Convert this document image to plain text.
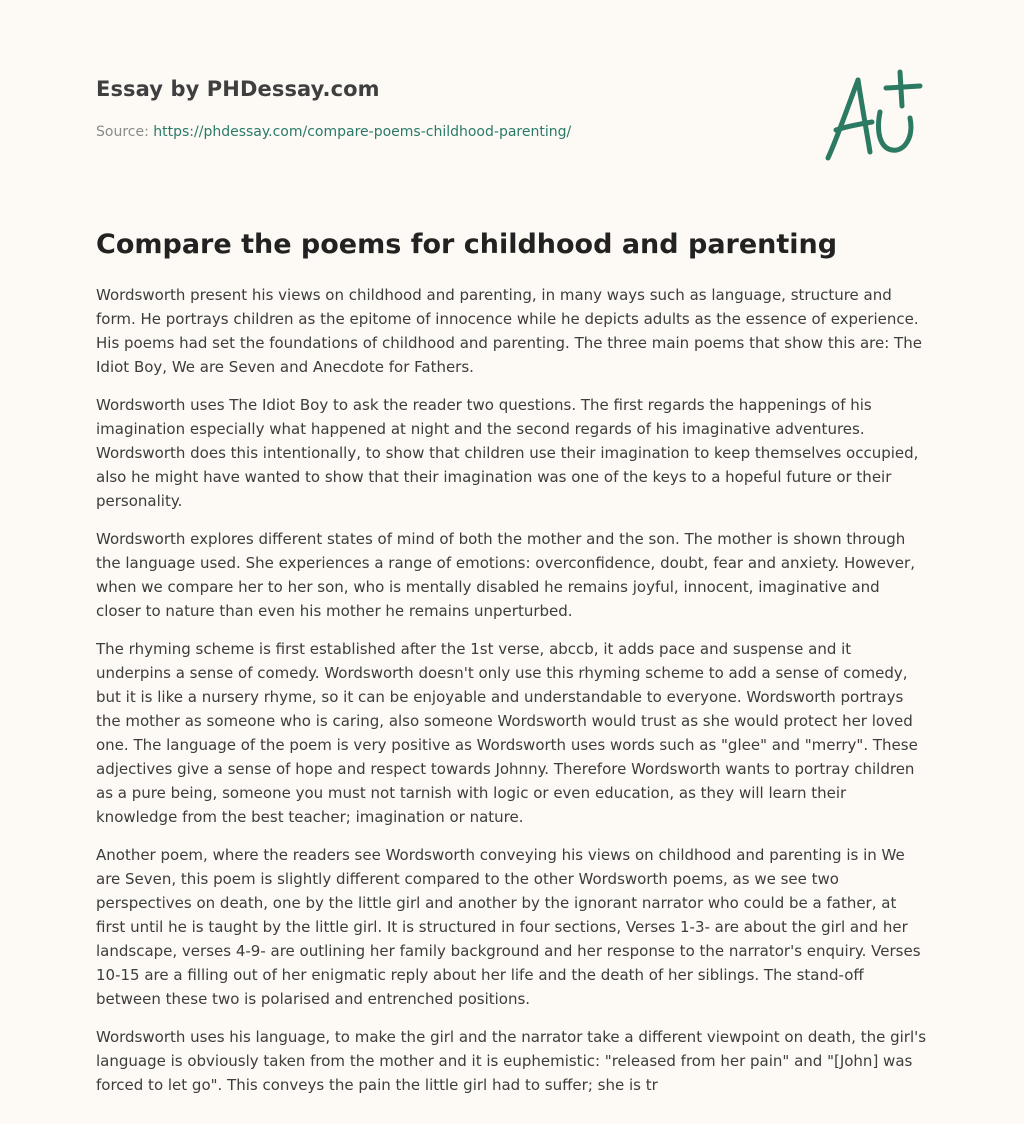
Essay by PHDessay.com
Source: https://phdessay.com/compare-poems-childhood-parenting/
Compare the poems for childhood and parenting

Wordsworth present his views on childhood and parenting, in many ways such as language, structure and form. He portrays children as the epitome of innocence while he depicts adults as the essence of experience. His poems had set the foundations of childhood and parenting. The three main poems that show this are: The Idiot Boy, We are Seven and Anecdote for Fathers.

Wordsworth uses The Idiot Boy to ask the reader two questions. The first regards the happenings of his imagination especially what happened at night and the second regards of his imaginative adventures. Wordsworth does this intentionally, to show that children use their imagination to keep themselves occupied, also he might have wanted to show that their imagination was one of the keys to a hopeful future or their personality.

Wordsworth explores different states of mind of both the mother and the son. The mother is shown through the language used. She experiences a range of emotions: overconfidence, doubt, fear and anxiety. However, when we compare her to her son, who is mentally disabled he remains joyful, innocent, imaginative and closer to nature than even his mother he remains unperturbed.

The rhyming scheme is first established after the 1st verse, abccb, it adds pace and suspense and it underpins a sense of comedy. Wordsworth doesn't only use this rhyming scheme to add a sense of comedy, but it is like a nursery rhyme, so it can be enjoyable and understandable to everyone. Wordsworth portrays the mother as someone who is caring, also someone Wordsworth would trust as she would protect her loved one. The language of the poem is very positive as Wordsworth uses words such as "glee" and "merry". These adjectives give a sense of hope and respect towards Johnny. Therefore Wordsworth wants to portray children as a pure being, someone you must not tarnish with logic or even education, as they will learn their knowledge from the best teacher; imagination or nature.

Another poem, where the readers see Wordsworth conveying his views on childhood and parenting is in We are Seven, this poem is slightly different compared to the other Wordsworth poems, as we see two perspectives on death, one by the little girl and another by the ignorant narrator who could be a father, at first until he is taught by the little girl. It is structured in four sections, Verses 1-3- are about the girl and her landscape, verses 4-9- are outlining her family background and her response to the narrator's enquiry. Verses 10-15 are a filling out of her enigmatic reply about her life and the death of her siblings. The stand-off between these two is polarised and entrenched positions.

Wordsworth uses his language, to make the girl and the narrator take a different viewpoint on death, the girl's language is obviously taken from the mother and it is euphemistic: "released from her pain" and "[John] was forced to let go". This conveys the pain the little girl had to suffer; she is tr
